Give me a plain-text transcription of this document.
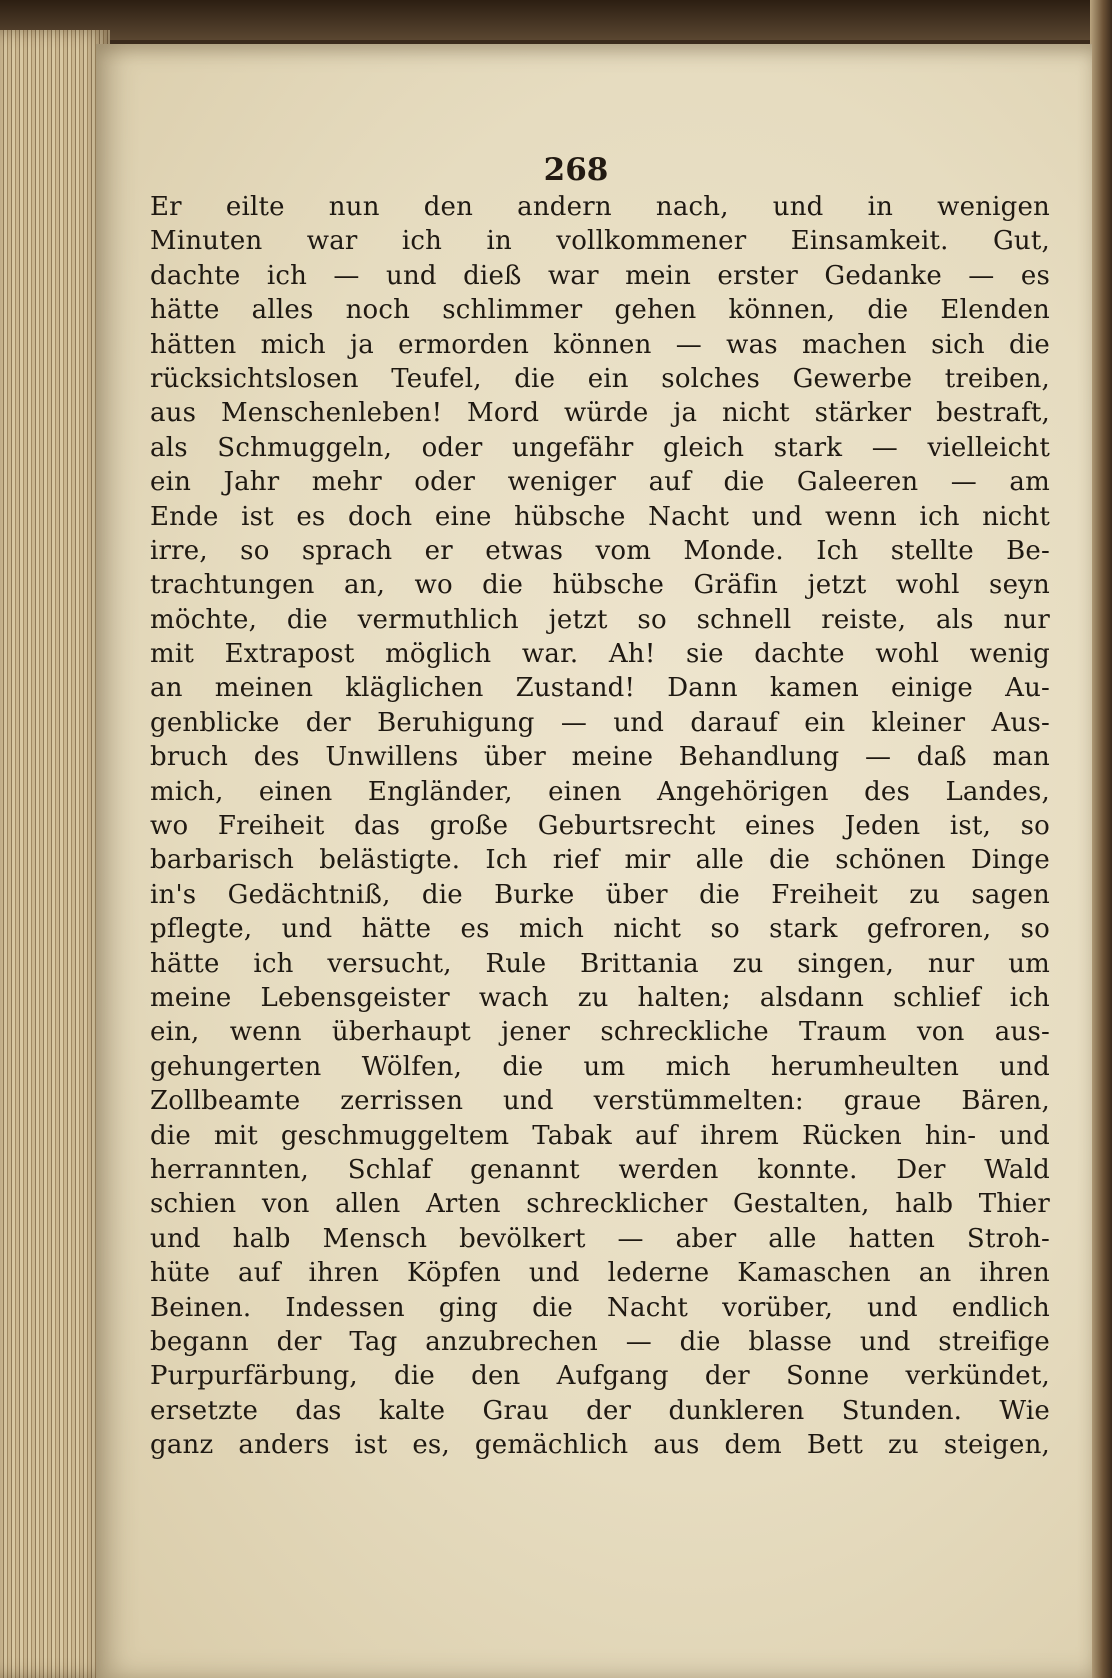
268

Er eilte nun den andern nach, und in wenigen
Minuten war ich in vollkommener Einsamkeit. Gut,
dachte ich — und dieß war mein erster Gedanke — es
hätte alles noch schlimmer gehen können, die Elenden
hätten mich ja ermorden können — was machen sich die
rücksichtslosen Teufel, die ein solches Gewerbe treiben,
aus Menschenleben! Mord würde ja nicht stärker bestraft,
als Schmuggeln, oder ungefähr gleich stark — vielleicht
ein Jahr mehr oder weniger auf die Galeeren — am
Ende ist es doch eine hübsche Nacht und wenn ich nicht
irre, so sprach er etwas vom Monde. Ich stellte Be-
trachtungen an, wo die hübsche Gräfin jetzt wohl seyn
möchte, die vermuthlich jetzt so schnell reiste, als nur
mit Extrapost möglich war. Ah! sie dachte wohl wenig
an meinen kläglichen Zustand! Dann kamen einige Au-
genblicke der Beruhigung — und darauf ein kleiner Aus-
bruch des Unwillens über meine Behandlung — daß man
mich, einen Engländer, einen Angehörigen des Landes,
wo Freiheit das große Geburtsrecht eines Jeden ist, so
barbarisch belästigte. Ich rief mir alle die schönen Dinge
in's Gedächtniß, die Burke über die Freiheit zu sagen
pflegte, und hätte es mich nicht so stark gefroren, so
hätte ich versucht, Rule Brittania zu singen, nur um
meine Lebensgeister wach zu halten; alsdann schlief ich
ein, wenn überhaupt jener schreckliche Traum von aus-
gehungerten Wölfen, die um mich herumheulten und
Zollbeamte zerrissen und verstümmelten: graue Bären,
die mit geschmuggeltem Tabak auf ihrem Rücken hin- und
herrannten, Schlaf genannt werden konnte. Der Wald
schien von allen Arten schrecklicher Gestalten, halb Thier
und halb Mensch bevölkert — aber alle hatten Stroh-
hüte auf ihren Köpfen und lederne Kamaschen an ihren
Beinen. Indessen ging die Nacht vorüber, und endlich
begann der Tag anzubrechen — die blasse und streifige
Purpurfärbung, die den Aufgang der Sonne verkündet,
ersetzte das kalte Grau der dunkleren Stunden. Wie
ganz anders ist es, gemächlich aus dem Bett zu steigen,
